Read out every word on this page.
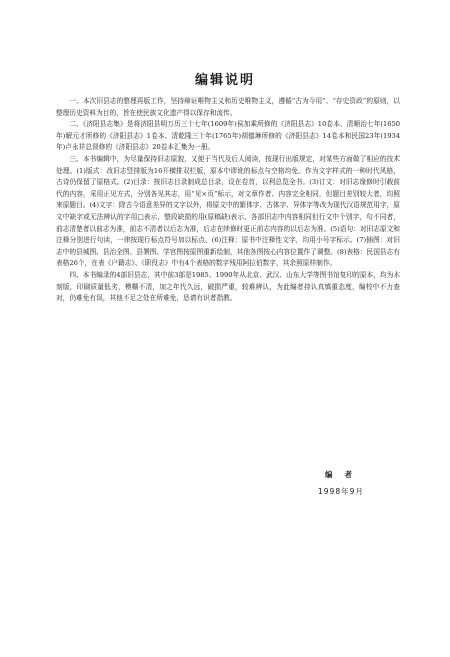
编辑说明

一、本次旧县志的整理再版工作，坚持辩证唯物主义和历史唯物主义，遵循“古为今用”、“存史资政”的原则，以整理历史资料为目的，旨在使民族文化遗产得以保存和流传。

二、《济阳县志集》是将济阳县明万历三十七年(1609年)侯加乘所修的《济阳县志》10卷本、清顺治七年(1650年)解元才所修的《济阳县志》1卷本、清乾隆三十年(1765年)胡德琳所修的《济阳县志》14卷本和民国23年(1934年)卢永祥总督修的《济阳县志》20卷本汇集为一册。

三、本书编辑中，为尽量保持旧志原貌，又便于当代及后人阅读，按现行出版规定，对某些方面做了相应的技术处理。(1)版式：改旧志竖排版为16开横排双栏版，原本中谬讹的标点与空格均免。作为文字样式的一种时代风格，古诗仍保留了原格式。(2)目录：按旧志目录制成总目录，设在卷首，以利总览全书。(3)订文：对旧志缘修时引载前代的内容，采用正见方式，分别各见其志，用“见×页”标示，对文章作者、内容完全相同，但题目差别较大者，均照来原题目。(4)文字：除古今语意差异的文字以外，将原文中的繁体字、古体字、异体字等改为现代汉语规范用字，原文中缺字或无法辨认的字用□表示，整段缺损的用(原稿缺)表示，各部旧志中内容相同但行文中个别字，句不同者，前志清楚者以前志为准，前志不清者以后志为准，后志在续修时更正前志内容的以后志为准。(5)语句：对旧志原文和注释分别进行句读，一律按现行标点符号加以标点。(6)注释：原书中注释性文字，均用小号字标示。(7)插图：对旧志中的县城图、县治全图、县署图、学宫图按原图重新绘制，其他各图按心内容位置作了调整。(8)表格：民国县志有表格26个，在表《户籍志》、《职役志》中有4个表格的数字残用阿拉伯数字，其余照原样制作。

四、本书编录的4部旧县志，其中前3部是1985、1990年从北京、武汉、山东大学等图书馆复印的原本，均为木刻版，印刷质量低劣，模糊不清，加之年代久远，破损严重，较难辨认，为此编者持认真慎重态度，编校中不力查对，仍难免有误，其他不足之处在所难免，恳请有识者指教。

编者
1998年9月
